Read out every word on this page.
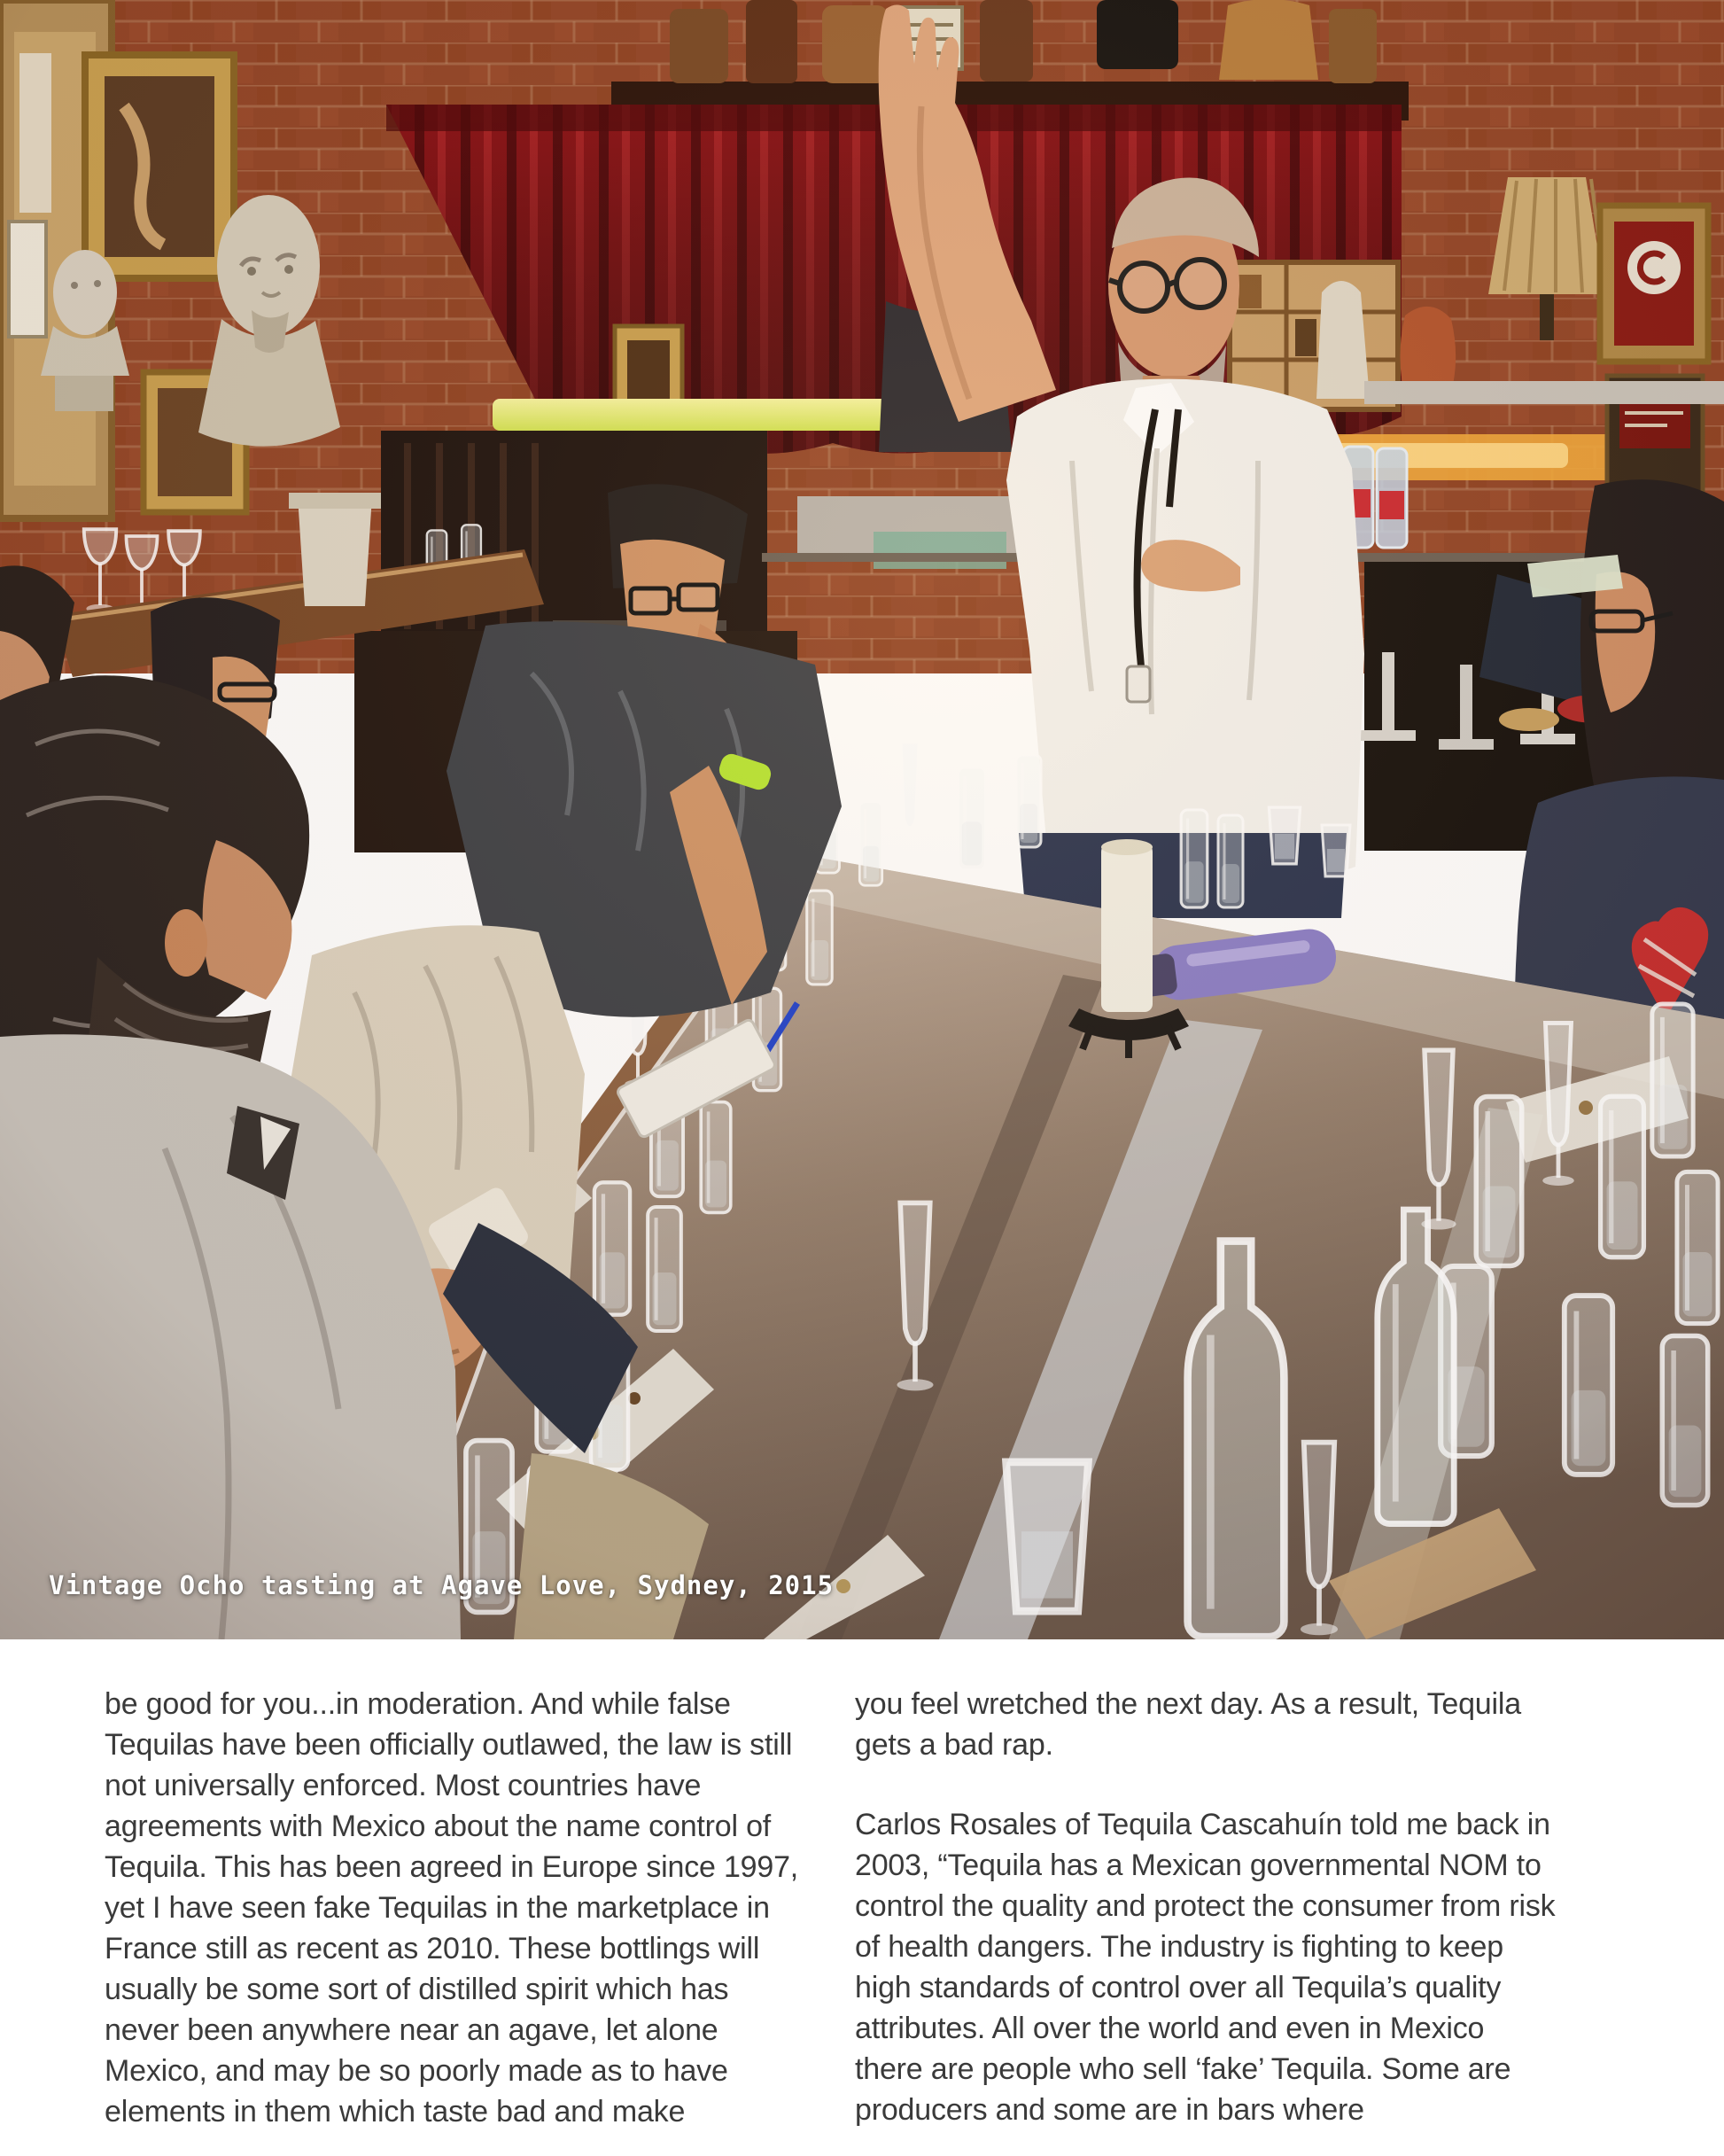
Vintage Ocho tasting at Agave Love, Sydney, 2015

be good for you...in moderation. And while false Tequilas have been officially outlawed, the law is still not universally enforced. Most countries have agreements with Mexico about the name control of Tequila. This has been agreed in Europe since 1997, yet I have seen fake Tequilas in the marketplace in France still as recent as 2010. These bottlings will usually be some sort of distilled spirit which has never been anywhere near an agave, let alone Mexico, and may be so poorly made as to have elements in them which taste bad and make

you feel wretched the next day. As a result, Tequila gets a bad rap.

Carlos Rosales of Tequila Cascahuín told me back in 2003, “Tequila has a Mexican governmental NOM to control the quality and protect the consumer from risk of health dangers. The industry is fighting to keep high standards of control over all Tequila’s quality attributes. All over the world and even in Mexico there are people who sell ‘fake’ Tequila. Some are producers and some are in bars where
